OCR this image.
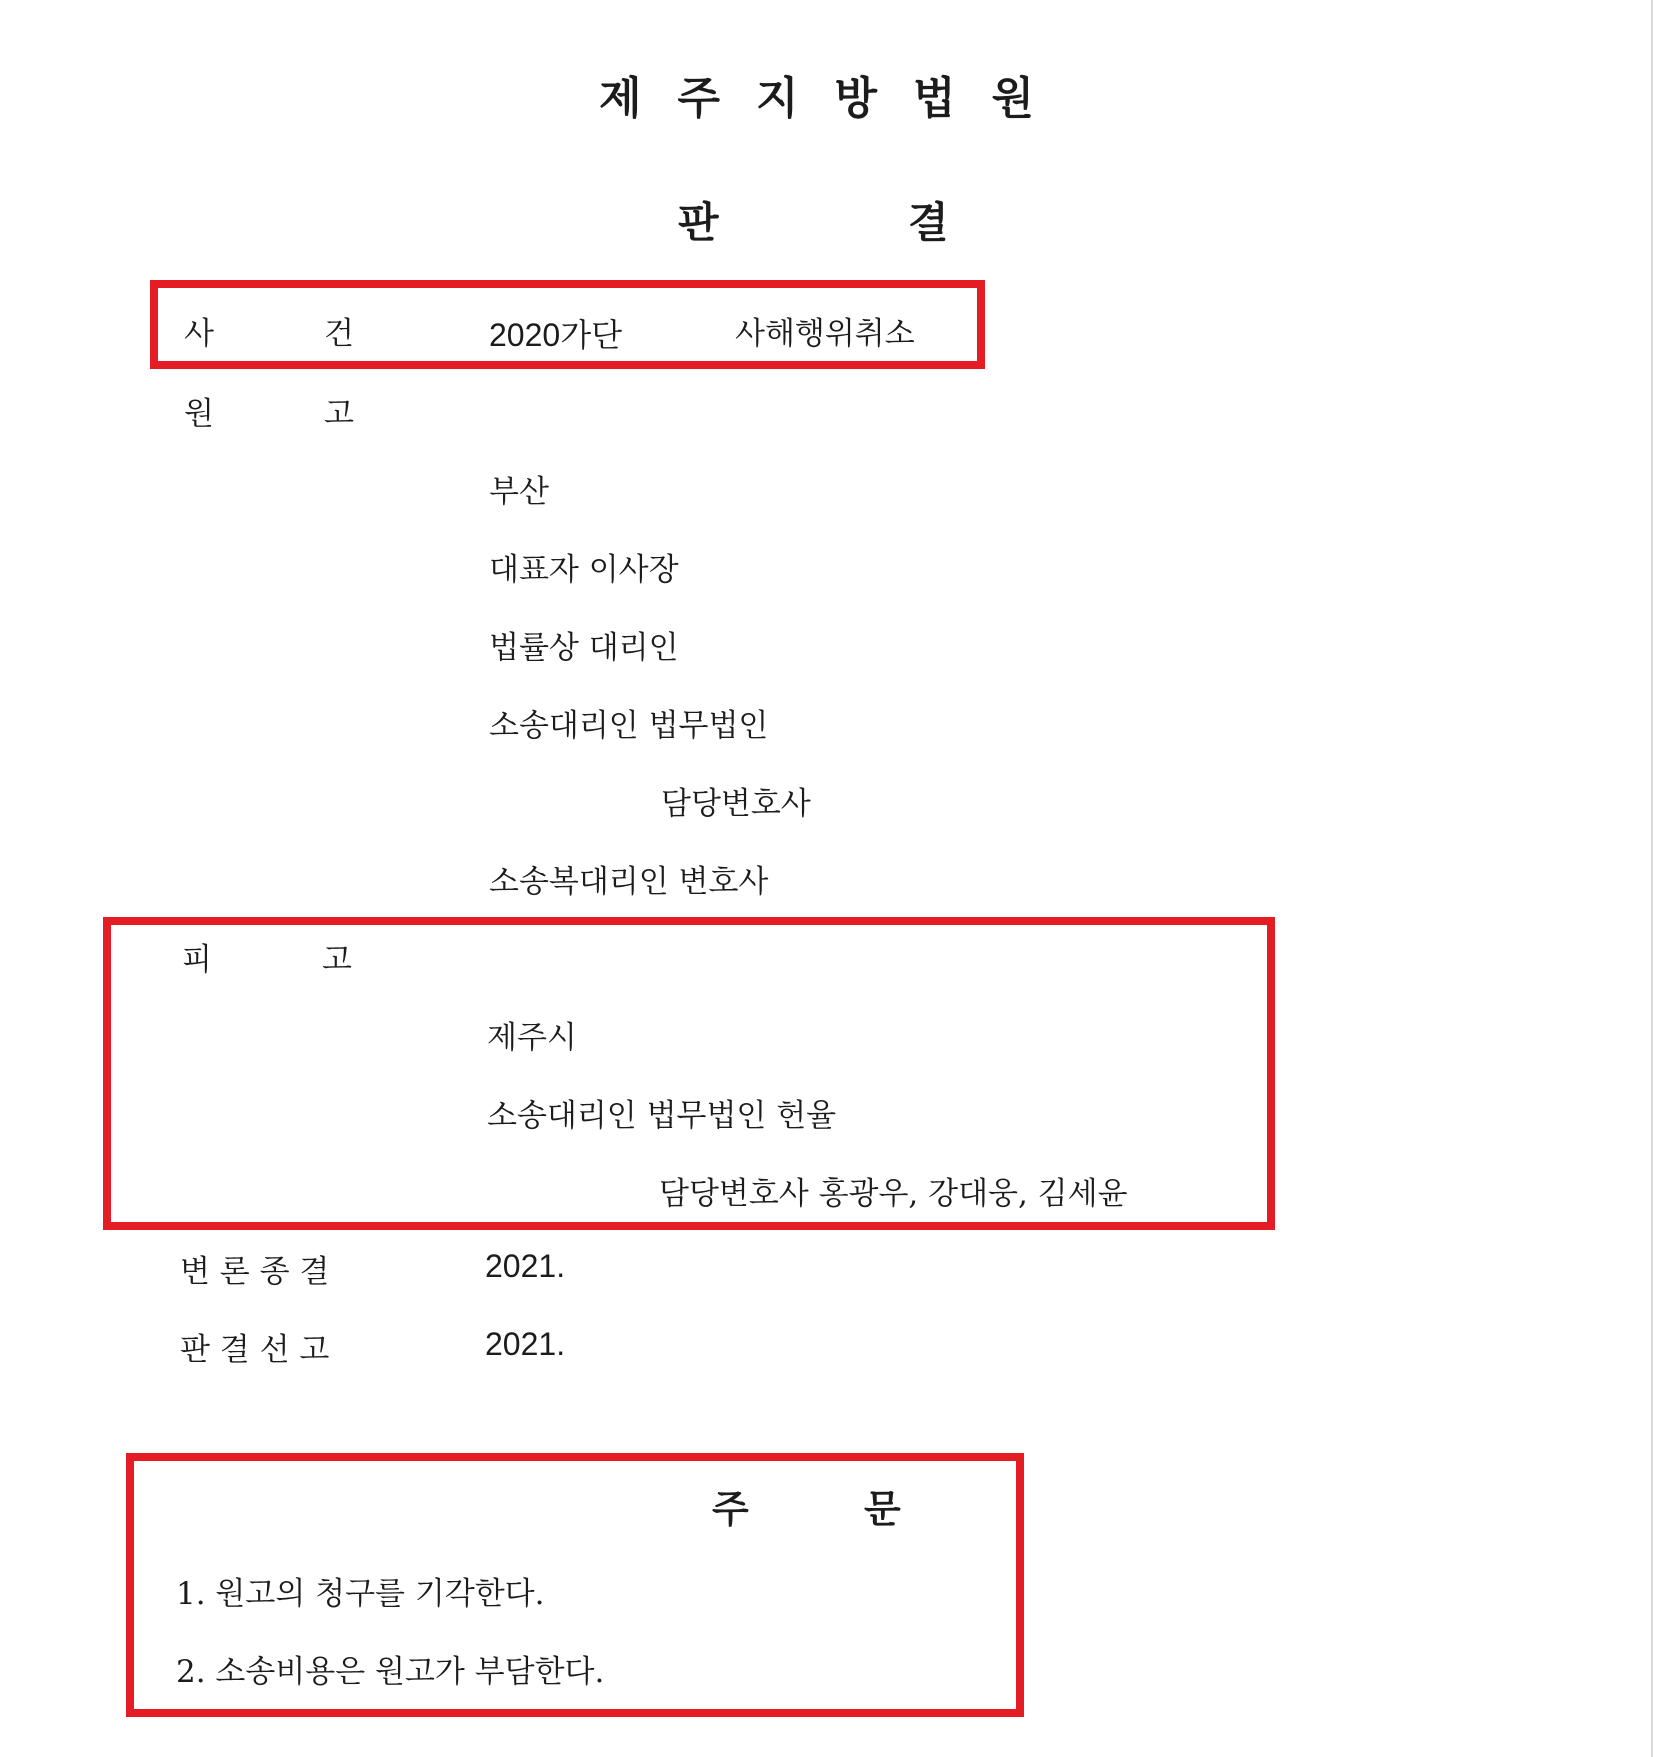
제주지방법원
판	결
사	건	2020가단	사해행위취소
원	고
부산
대표자 이사장
법률상 대리인
소송대리인 법무법인
담당변호사
소송복대리인 변호사
피	고
제주시
소송대리인 법무법인 헌율
담당변호사 홍광우, 강대웅, 김세윤
변 론 종 결	2021.
판 결 선 고	2021.
주	문
1. 원고의 청구를 기각한다.
2. 소송비용은 원고가 부담한다.
